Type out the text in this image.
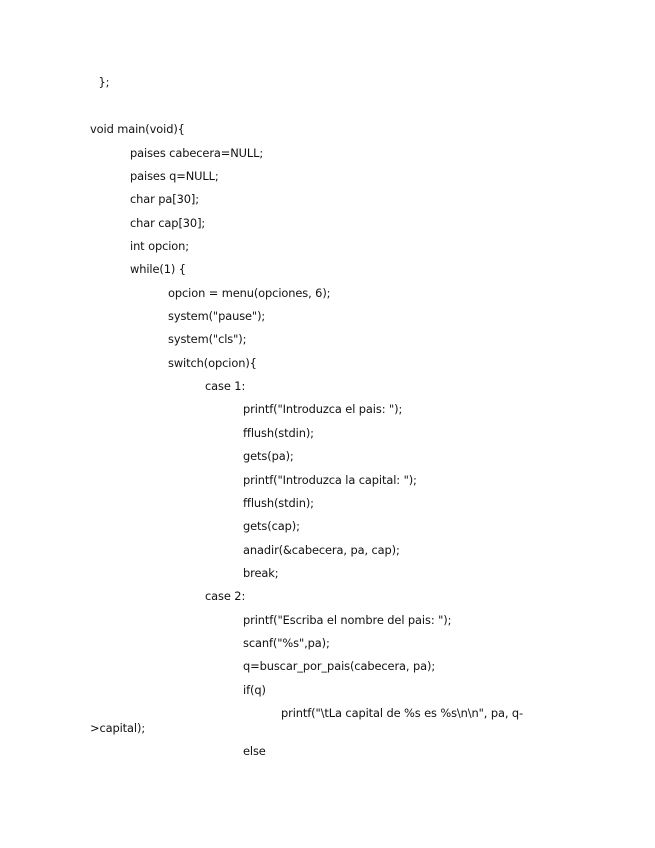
};
void main(void){
paises cabecera=NULL;
paises q=NULL;
char pa[30];
char cap[30];
int opcion;
while(1) {
opcion = menu(opciones, 6);
system("pause");
system("cls");
switch(opcion){
case 1:
printf("Introduzca el pais: ");
fflush(stdin);
gets(pa);
printf("Introduzca la capital: ");
fflush(stdin);
gets(cap);
anadir(&cabecera, pa, cap);
break;
case 2:
printf("Escriba el nombre del pais: ");
scanf("%s",pa);
q=buscar_por_pais(cabecera, pa);
if(q)
printf("\tLa capital de %s es %s\n\n", pa, q-
>capital);
else
